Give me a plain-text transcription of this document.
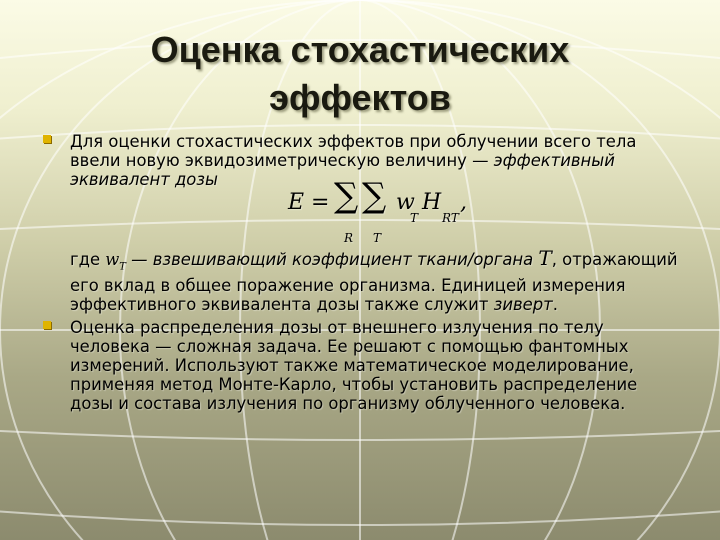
Оценка стохастических эффектов
Для оценки стохастических эффектов при облучении всего тела ввели новую эквидозиметрическую величину — эффективный эквивалент дозы
E = ∑
R
∑
T
w
T
H
RT
,
где $w_T$ — взвешивающий коэффициент ткани/органа T, отражающий его вклад в общее поражение организма. Единицей измерения эффективного эквивалента дозы также служит зиверт.
Оценка распределения дозы от внешнего излучения по телу человека — сложная задача. Ее решают с помощью фантомных измерений. Используют также математическое моделирование, применяя метод Монте-Карло, чтобы установить распределение дозы и состава излучения по организму облученного человека.
